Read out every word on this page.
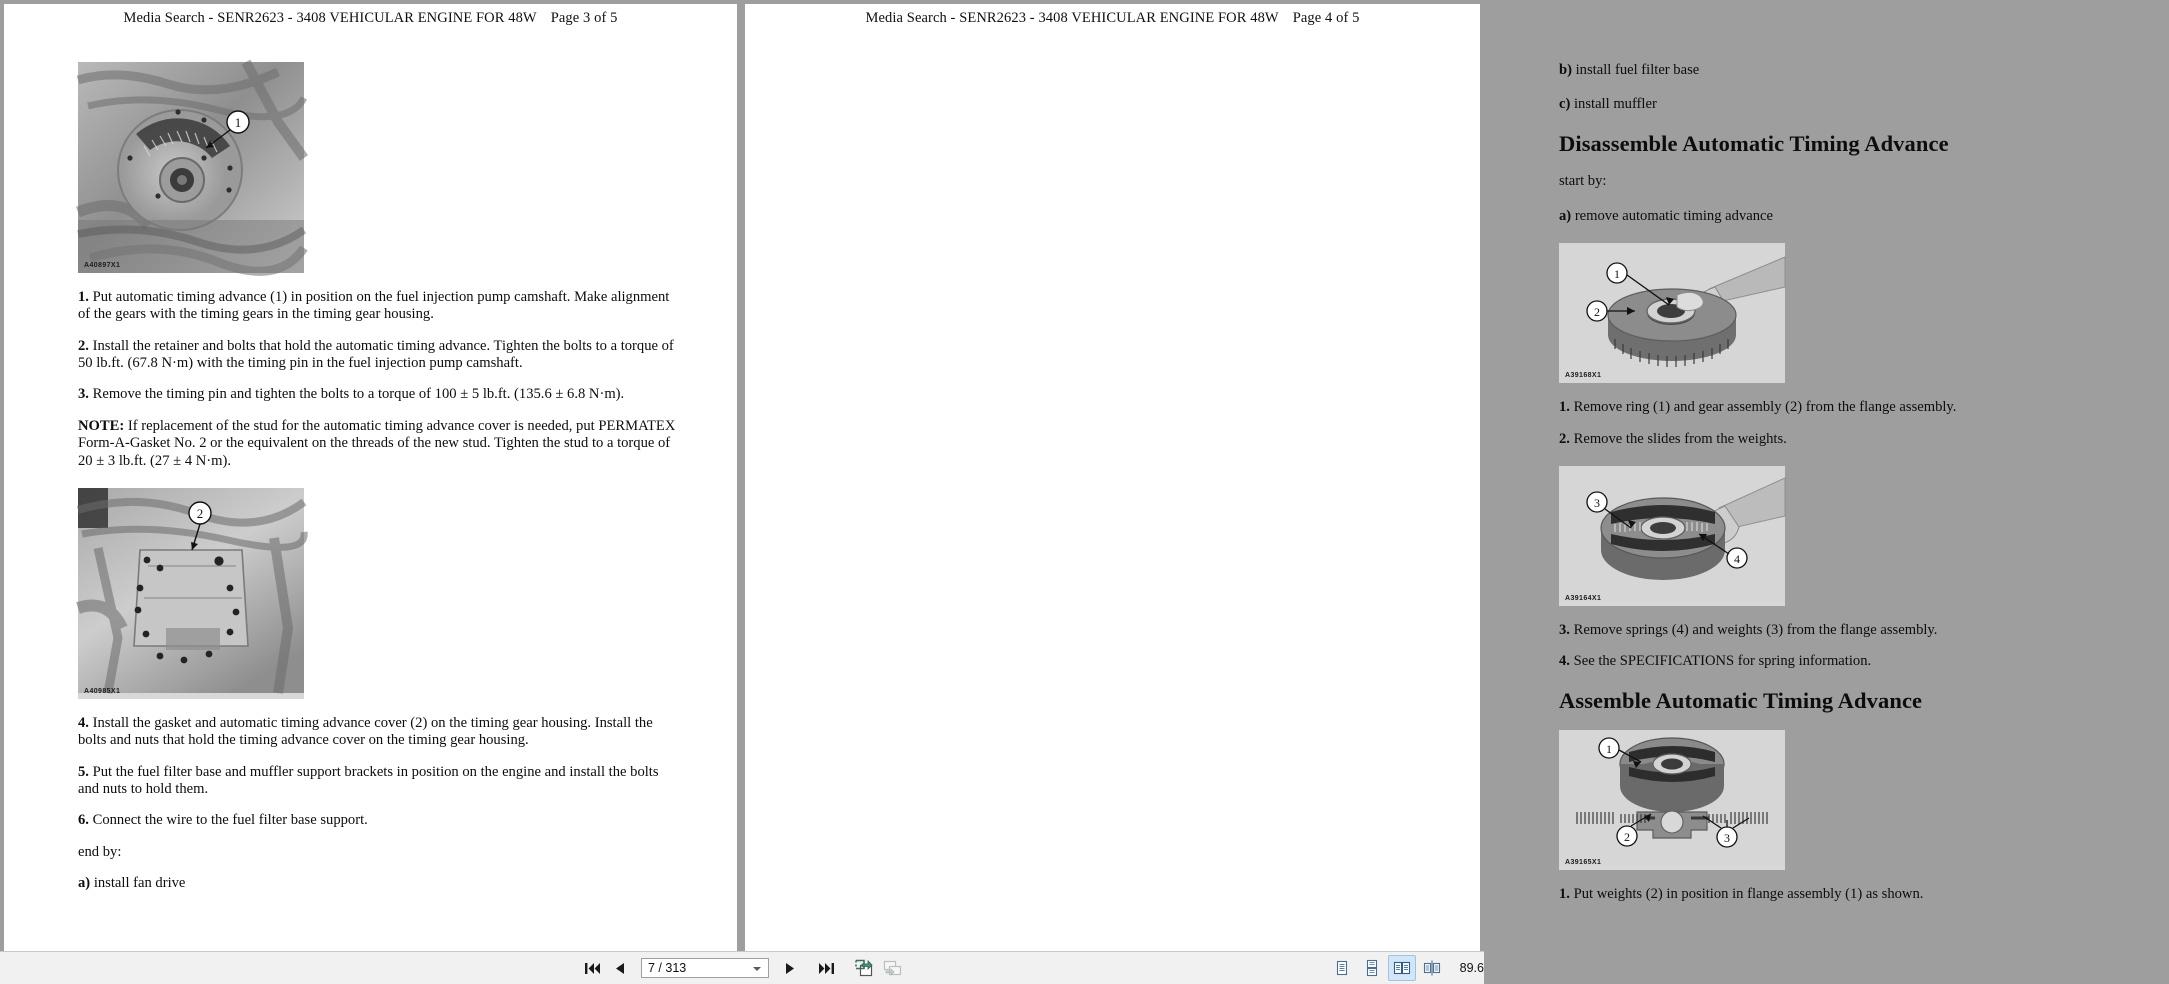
Media Search - SENR2623 - 3408 VEHICULAR ENGINE FOR 48W Page 3 of 5
1
A40897X1

1. Put automatic timing advance (1) in position on the fuel injection pump camshaft. Make alignment of the gears with the timing gears in the timing gear housing.

2. Install the retainer and bolts that hold the automatic timing advance. Tighten the bolts to a torque of 50 lb.ft. (67.8 N·m) with the timing pin in the fuel injection pump camshaft.

3. Remove the timing pin and tighten the bolts to a torque of 100 ± 5 lb.ft. (135.6 ± 6.8 N·m).

NOTE: If replacement of the stud for the automatic timing advance cover is needed, put PERMATEX Form-A-Gasket No. 2 or the equivalent on the threads of the new stud. Tighten the stud to a torque of 20 ± 3 lb.ft. (27 ± 4 N·m).

2
A40985X1

4. Install the gasket and automatic timing advance cover (2) on the timing gear housing. Install the bolts and nuts that hold the timing advance cover on the timing gear housing.

5. Put the fuel filter base and muffler support brackets in position on the engine and install the bolts and nuts to hold them.

6. Connect the wire to the fuel filter base support.

end by:

a) install fan drive

Media Search - SENR2623 - 3408 VEHICULAR ENGINE FOR 48W Page 4 of 5

b) install fuel filter base

c) install muffler

Disassemble Automatic Timing Advance

start by:

a) remove automatic timing advance

1
2
A39168X1

1. Remove ring (1) and gear assembly (2) from the flange assembly.

2. Remove the slides from the weights.

3
4
A39164X1

3. Remove springs (4) and weights (3) from the flange assembly.

4. See the SPECIFICATIONS for spring information.

Assemble Automatic Timing Advance
1
2	3
A39165X1

1. Put weights (2) in position in flange assembly (1) as shown.

7 / 313	89.6
